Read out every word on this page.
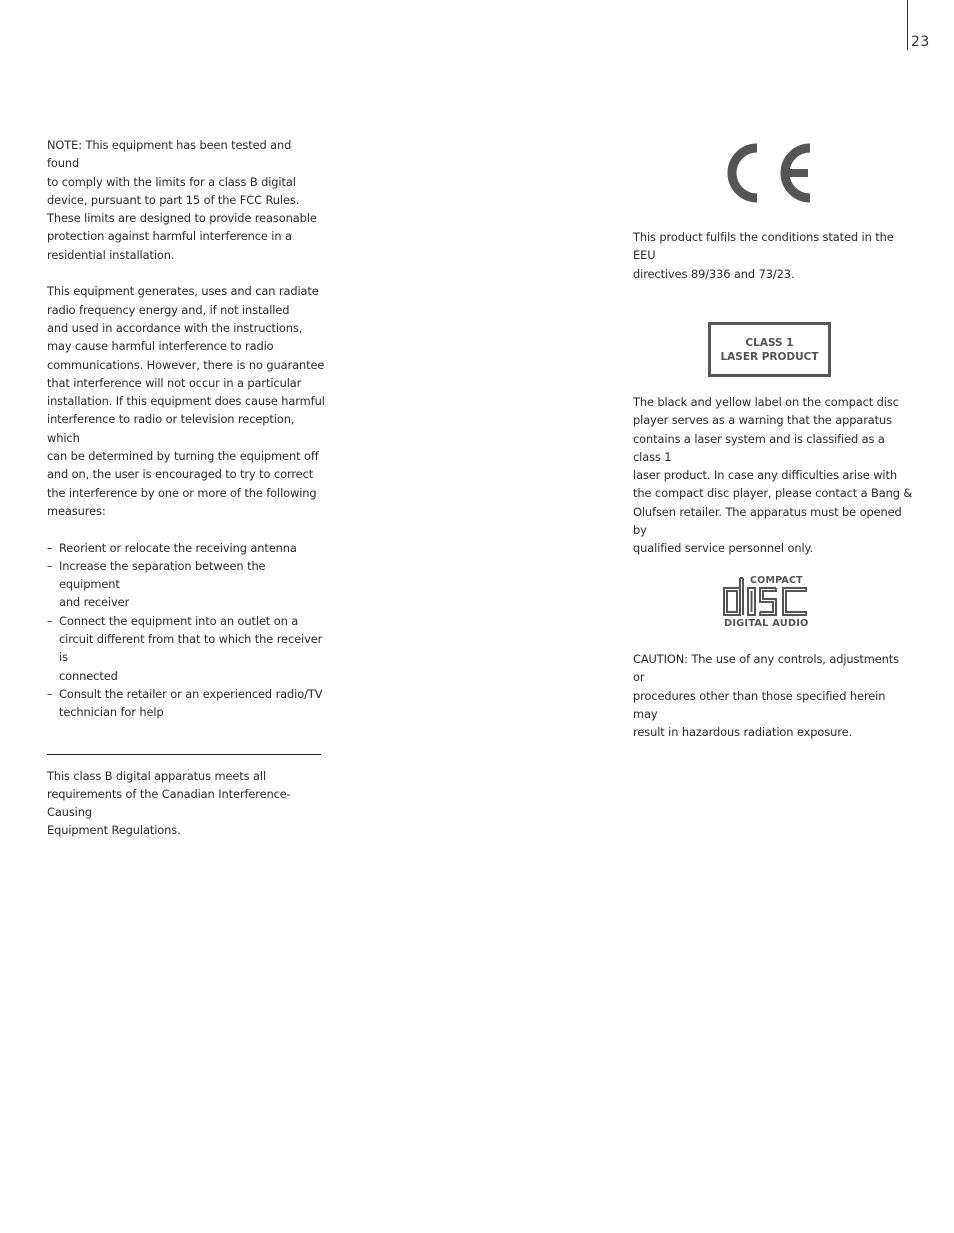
23

NOTE: This equipment has been tested and found
to comply with the limits for a class B digital
device, pursuant to part 15 of the FCC Rules.
These limits are designed to provide reasonable
protection against harmful interference in a
residential installation.

This equipment generates, uses and can radiate
radio frequency energy and, if not installed
and used in accordance with the instructions,
may cause harmful interference to radio
communications. However, there is no guarantee
that interference will not occur in a particular
installation. If this equipment does cause harmful
interference to radio or television reception, which
can be determined by turning the equipment off
and on, the user is encouraged to try to correct
the interference by one or more of the following
measures:

– Reorient or relocate the receiving antenna
– Increase the separation between the equipment
and receiver
– Connect the equipment into an outlet on a
circuit different from that to which the receiver is
connected
– Consult the retailer or an experienced radio/TV
technician for help

This class B digital apparatus meets all
requirements of the Canadian Interference-Causing
Equipment Regulations.

This product fulfils the conditions stated in the EEU
directives 89/336 and 73/23.

CLASS 1
LASER PRODUCT

The black and yellow label on the compact disc
player serves as a warning that the apparatus
contains a laser system and is classified as a class 1
laser product. In case any difficulties arise with
the compact disc player, please contact a Bang &
Olufsen retailer. The apparatus must be opened by
qualified service personnel only.

COMPACT
DIGITAL AUDIO

CAUTION: The use of any controls, adjustments or
procedures other than those specified herein may
result in hazardous radiation exposure.
